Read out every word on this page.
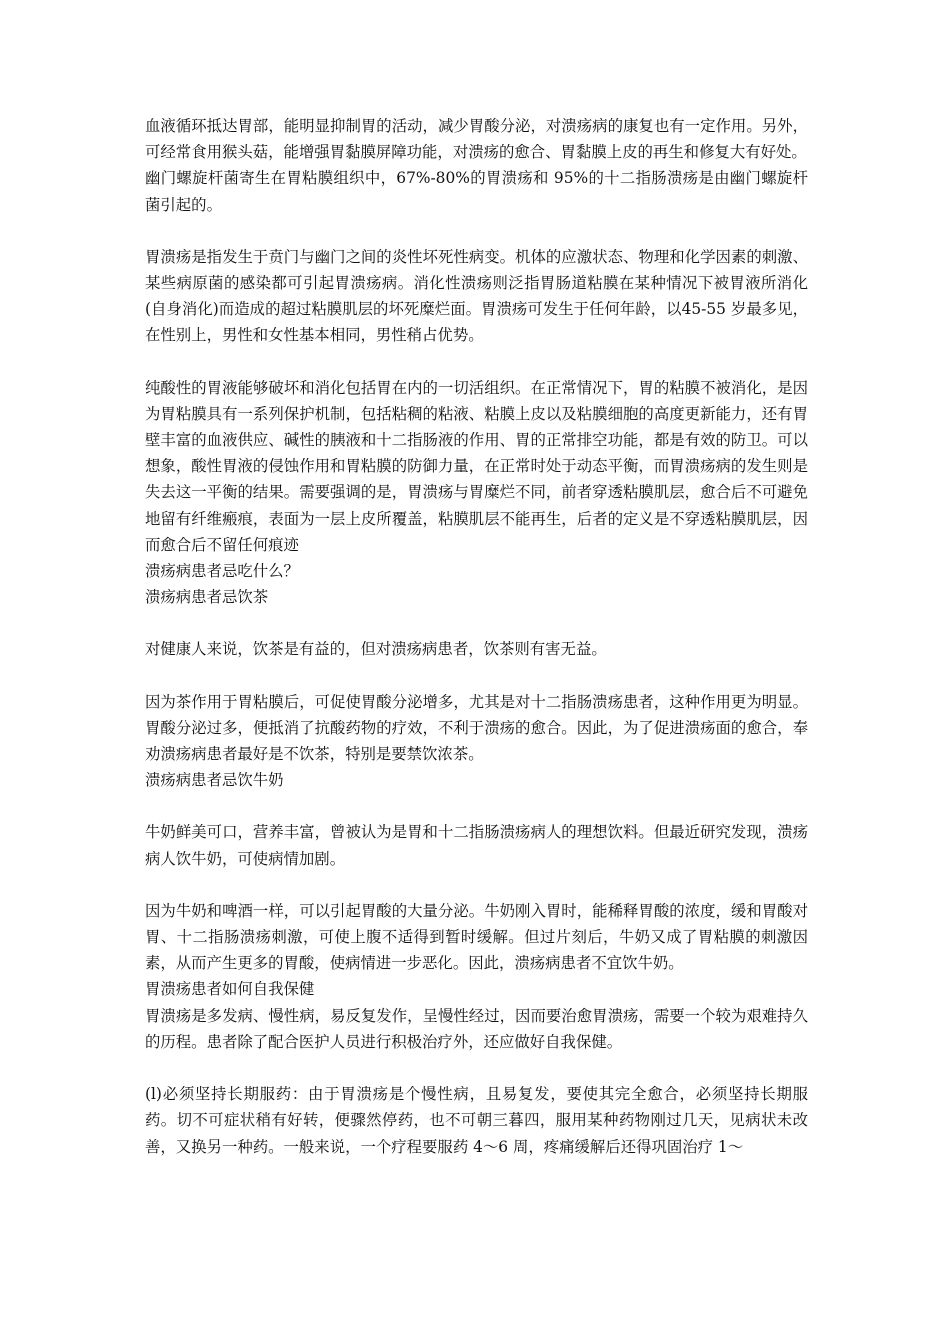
血液循环抵达胃部，能明显抑制胃的活动，减少胃酸分泌，对溃疡病的康复也有一定作用。另外，可经常食用猴头菇，能增强胃黏膜屏障功能，对溃疡的愈合、胃黏膜上皮的再生和修复大有好处。

幽门螺旋杆菌寄生在胃粘膜组织中，67%-80%的胃溃疡和 95%的十二指肠溃疡是由幽门螺旋杆菌引起的。

胃溃疡是指发生于贲门与幽门之间的炎性坏死性病变。机体的应激状态、物理和化学因素的刺激、某些病原菌的感染都可引起胃溃疡病。消化性溃疡则泛指胃肠道粘膜在某种情况下被胃液所消化(自身消化)而造成的超过粘膜肌层的坏死糜烂面。胃溃疡可发生于任何年龄，以45-55 岁最多见，在性别上，男性和女性基本相同，男性稍占优势。

纯酸性的胃液能够破坏和消化包括胃在内的一切活组织。在正常情况下，胃的粘膜不被消化，是因为胃粘膜具有一系列保护机制，包括粘稠的粘液、粘膜上皮以及粘膜细胞的高度更新能力，还有胃壁丰富的血液供应、碱性的胰液和十二指肠液的作用、胃的正常排空功能，都是有效的防卫。可以想象，酸性胃液的侵蚀作用和胃粘膜的防御力量，在正常时处于动态平衡，而胃溃疡病的发生则是失去这一平衡的结果。需要强调的是，胃溃疡与胃糜烂不同，前者穿透粘膜肌层，愈合后不可避免地留有纤维瘢痕，表面为一层上皮所覆盖，粘膜肌层不能再生，后者的定义是不穿透粘膜肌层，因而愈合后不留任何痕迹

溃疡病患者忌吃什么？

溃疡病患者忌饮茶

对健康人来说，饮茶是有益的，但对溃疡病患者，饮茶则有害无益。

因为茶作用于胃粘膜后，可促使胃酸分泌增多，尤其是对十二指肠溃疡患者，这种作用更为明显。胃酸分泌过多，便抵消了抗酸药物的疗效，不利于溃疡的愈合。因此，为了促进溃疡面的愈合，奉劝溃疡病患者最好是不饮茶，特别是要禁饮浓茶。

溃疡病患者忌饮牛奶

牛奶鲜美可口，营养丰富，曾被认为是胃和十二指肠溃疡病人的理想饮料。但最近研究发现，溃疡病人饮牛奶，可使病情加剧。

因为牛奶和啤酒一样，可以引起胃酸的大量分泌。牛奶刚入胃时，能稀释胃酸的浓度，缓和胃酸对胃、十二指肠溃疡刺激，可使上腹不适得到暂时缓解。但过片刻后，牛奶又成了胃粘膜的刺激因素，从而产生更多的胃酸，使病情进一步恶化。因此，溃疡病患者不宜饮牛奶。

胃溃疡患者如何自我保健

胃溃疡是多发病、慢性病，易反复发作，呈慢性经过，因而要治愈胃溃疡，需要一个较为艰难持久的历程。患者除了配合医护人员进行积极治疗外，还应做好自我保健。

(l)必须坚持长期服药：由于胃溃疡是个慢性病，且易复发，要使其完全愈合，必须坚持长期服药。切不可症状稍有好转，便骤然停药，也不可朝三暮四，服用某种药物刚过几天，见病状未改善，又换另一种药。一般来说，一个疗程要服药 4～6 周，疼痛缓解后还得巩固治疗 1～
